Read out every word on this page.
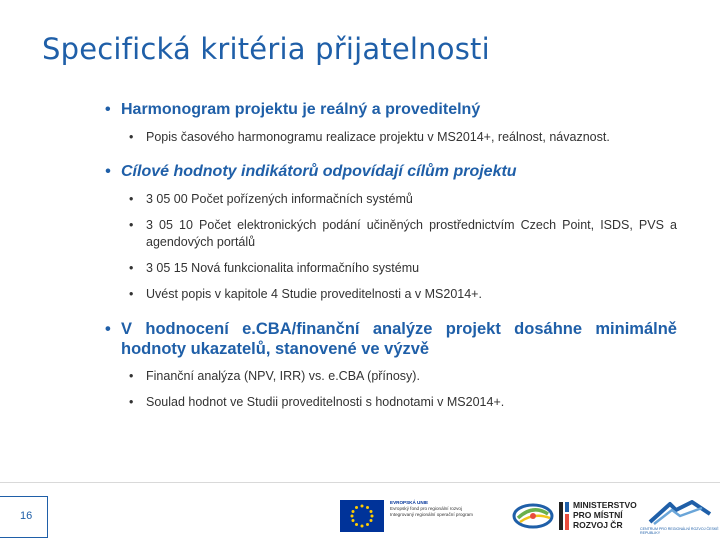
Specifická kritéria přijatelnosti
• Harmonogram projektu je reálný a proveditelný
• Popis časového harmonogramu realizace projektu v MS2014+, reálnost, návaznost.
• Cílové hodnoty indikátorů odpovídají cílům projektu
• 3 05 00 Počet pořízených informačních systémů
• 3 05 10 Počet elektronických podání učiněných prostřednictvím Czech Point, ISDS, PVS a agendových portálů
• 3 05 15 Nová funkcionalita informačního systému
• Uvést popis v kapitole 4 Studie proveditelnosti a v MS2014+.
• V hodnocení e.CBA/finanční analýze projekt dosáhne minimálně hodnoty ukazatelů, stanovené ve výzvě
• Finanční analýza (NPV, IRR) vs. e.CBA (přínosy).
• Soulad hodnot ve Studii proveditelnosti s hodnotami v MS2014+.
16
EVROPSKÁ UNIE
Evropský fond pro regionální rozvoj
Integrovaný regionální operační program
MINISTERSTVO
PRO MÍSTNÍ
ROZVOJ ČR	CENTRUM PRO REGIONÁLNÍ ROZVOJ ČESKÉ REPUBLIKY
